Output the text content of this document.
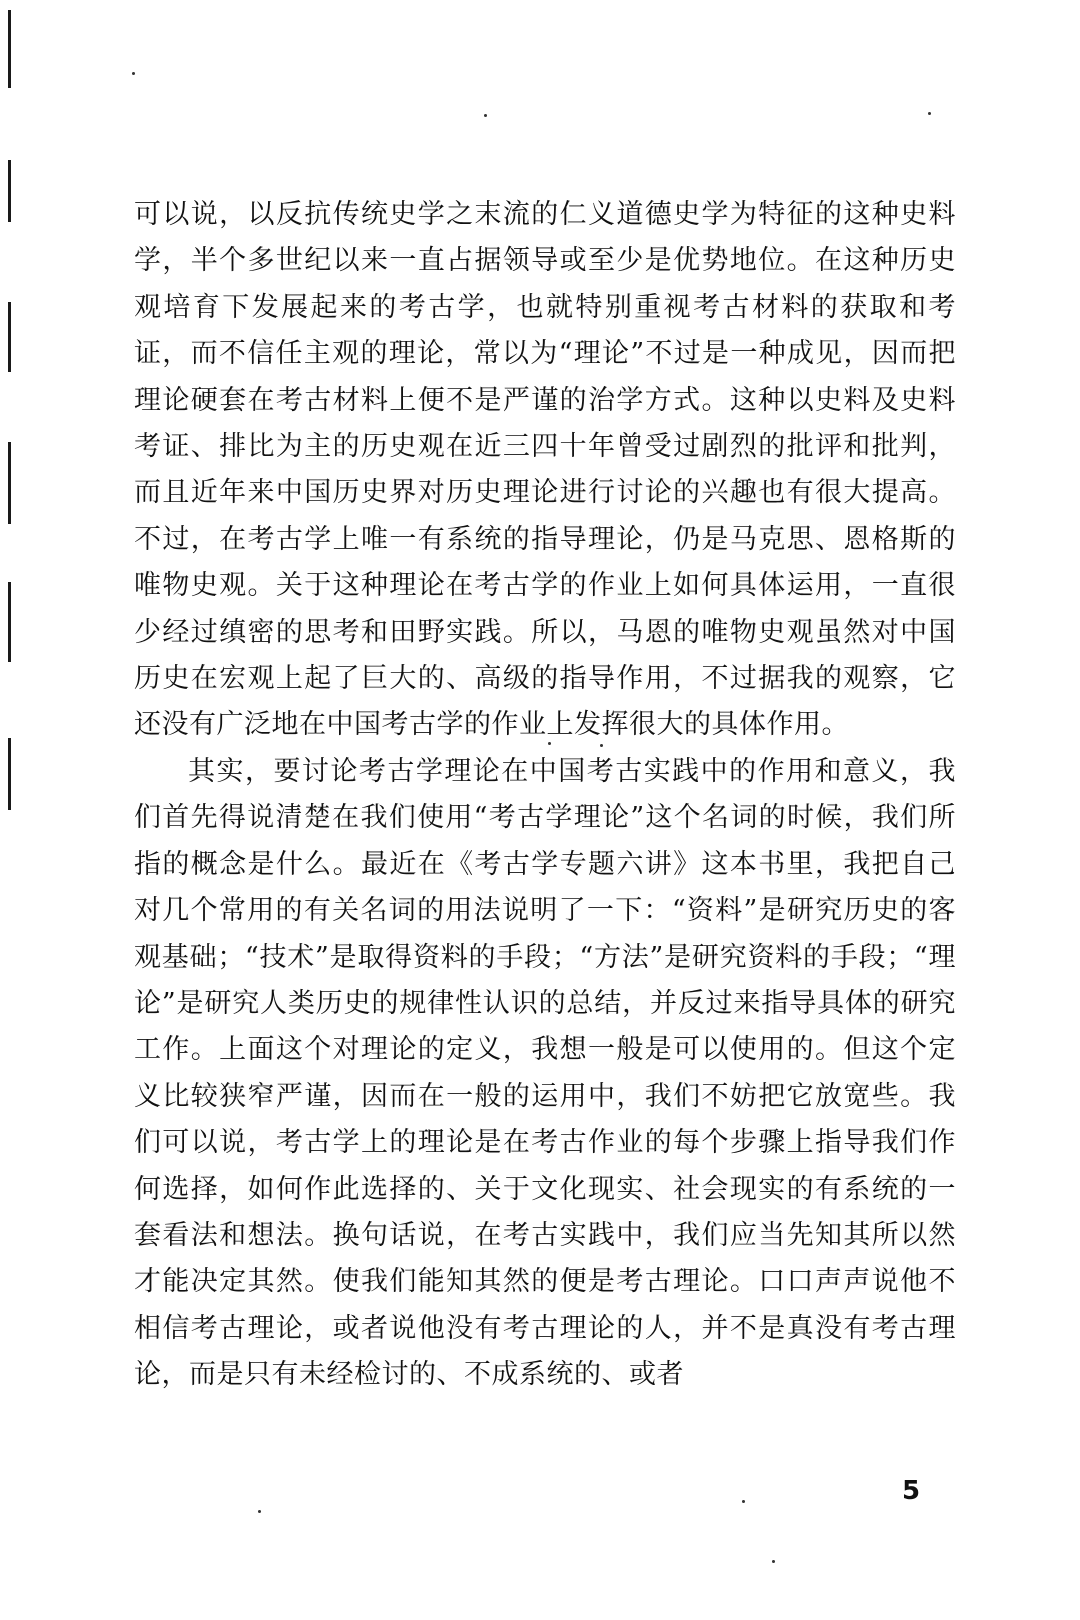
可以说，以反抗传统史学之末流的仁义道德史学为特征的这种史料学，半个多世纪以来一直占据领导或至少是优势地位。在这种历史观培育下发展起来的考古学，也就特别重视考古材料的获取和考证，而不信任主观的理论，常以为“理论”不过是一种成见，因而把理论硬套在考古材料上便不是严谨的治学方式。这种以史料及史料考证、排比为主的历史观在近三四十年曾受过剧烈的批评和批判，而且近年来中国历史界对历史理论进行讨论的兴趣也有很大提高。不过，在考古学上唯一有系统的指导理论，仍是马克思、恩格斯的唯物史观。关于这种理论在考古学的作业上如何具体运用，一直很少经过缜密的思考和田野实践。所以，马恩的唯物史观虽然对中国历史在宏观上起了巨大的、高级的指导作用，不过据我的观察，它还没有广泛地在中国考古学的作业上发挥很大的具体作用。

其实，要讨论考古学理论在中国考古实践中的作用和意义，我们首先得说清楚在我们使用“考古学理论”这个名词的时候，我们所指的概念是什么。最近在《考古学专题六讲》这本书里，我把自己对几个常用的有关名词的用法说明了一下：“资料”是研究历史的客观基础；“技术”是取得资料的手段；“方法”是研究资料的手段；“理论”是研究人类历史的规律性认识的总结，并反过来指导具体的研究工作。上面这个对理论的定义，我想一般是可以使用的。但这个定义比较狭窄严谨，因而在一般的运用中，我们不妨把它放宽些。我们可以说，考古学上的理论是在考古作业的每个步骤上指导我们作何选择，如何作此选择的、关于文化现实、社会现实的有系统的一套看法和想法。换句话说，在考古实践中，我们应当先知其所以然才能决定其然。使我们能知其然的便是考古理论。口口声声说他不相信考古理论，或者说他没有考古理论的人，并不是真没有考古理论，而是只有未经检讨的、不成系统的、或者

5
